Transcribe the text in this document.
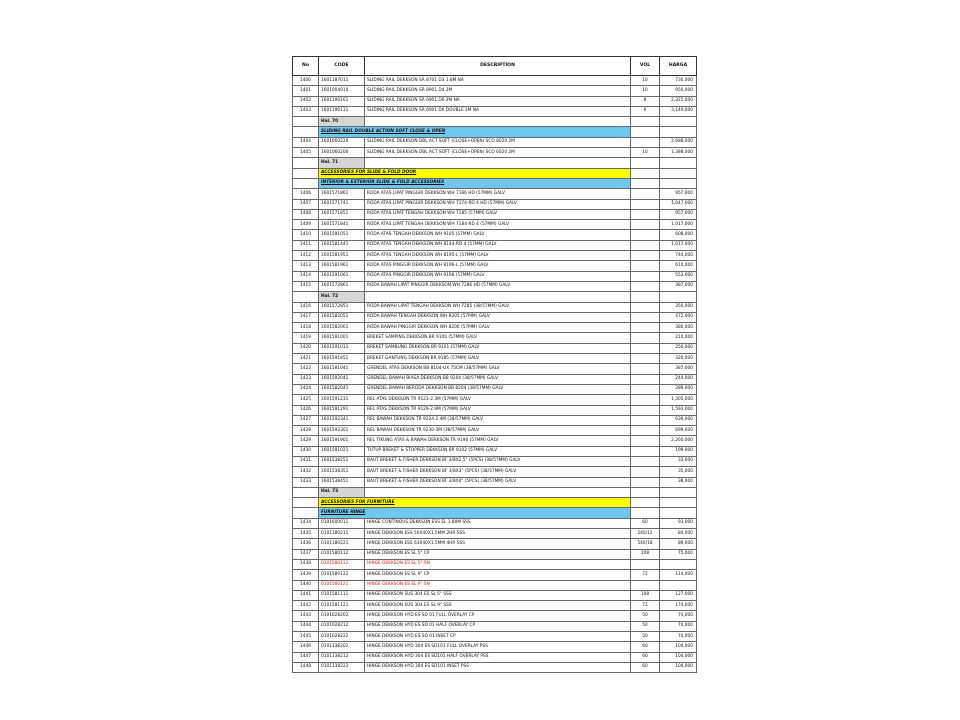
No	CODE	DESCRIPTION	VOL	HARGA
1400	1601187011	SLIDING RAIL DEKKSON SR 8701 D3 1.8M NA	10	730,000
1401	1601004010	SLIDING RAIL DEKKSON SR 8901 D4 2M	10	950,000
1402	1601190161	SLIDING RAIL DEKKSON SR 6901 D6 3M NA	8	2,325,000
1403	1601190131	SLIDING RAIL DEKKSON SR 6901 D6 DOUBLE 3M NA	6	3,149,000
	Hal. 70			
	SLIDING RAIL DOUBLE ACTION SOFT CLOSE & OPEN			
1404	1601060220	SLIDING RAIL DEKKSON DBL ACT SOFT (CLOSE+OPEN) SCO 8020 2M		2,688,000
1405	1601060200	SLIDING RAIL DEKKSON DBL ACT SOFT (CLOSE+OPEN) SCO 6020 2M	10	1,388,000
	Hal. 71			
	ACCESSORIES FOR SLIDE & FOLD DOOR			
	INTERIOR & EXTERIOR SLIDE & FOLD ACCESSORIES			
1406	1601571861	RODA ATAS LIPAT PINGGIR DEKKSON WH 7186 HD (57MM) GALV		957,000
1407	1601571741	RODA ATAS LIPAT PINGGIR DEKKSON WH 7174-RD 4 HD (57MM) GALV		1,047,000
1408	1601571851	RODA ATAS LIPAT TENGAH DEKKSON WH 7185 (57MM) GALV		957,000
1409	1601571841	RODA ATAS LIPAT TENGAH DEKKSON WH 7184-RD 4 (57MM) GALV		1,017,000
1410	1601591051	RODA ATAS TENGAH DEKKSON WH 9105 (57MM) GALV		608,000
1411	1601581441	RODA ATAS TENGAH DEKKSON WH 8144-RD 4 (57MM) GALV		1,017,000
1412	1601581951	RODA ATAS TENGAH DEKKSON WH 8195-L (57MM) GALV		744,000
1413	1601581961	RODA ATAS PINGGIR DEKKSON WH 8196-L (57MM) GALV		614,000
1414	1601591061	RODA ATAS PINGGIR DEKKSON WH 9106 (57MM) GALV		553,000
1415	1601572861	RODA BAWAH LIPAT PINGGIR DEKKSON WH 7286 HD (57MM) GALV		387,000
	Hal. 72			
1416	1601572851	RODA BAWAH LIPAT TENGAH DEKKSON WH 7285 (38/57MM) GALV		350,000
1417	1601582051	RODA BAWAH TENGAH DEKKSON WH 8205 (57MM) GALV		472,000
1418	1601582061	RODA BAWAH PINGGIR DEKKSON WH 8206 (57MM) GALV		380,000
1419	1601591001	BREKET SAMPING DEKKSON BR 9100 (57MM) GALV		214,000
1420	1601591011	BREKET SAMBUNG DEKKSON BR 9101 (57MM) GALV		250,000
1421	1601591851	BREKET GANTUNG DEKKSON BR 9185 (57MM) GALV		320,000
1422	1601581041	GRENDEL ATAS DEKKSON BB 8104-UX 75CM (38/57MM) GALV		387,000
1423	1601592041	GRENDEL BAWAH BIASA DEKKSON BB 9204 (38/57MM) GALV		244,000
1424	1601582041	GRENDEL BAWAH BERODA DEKKSON BB 8204 (38/57MM) GALV		289,000
1425	1601591231	REL ATAS DEKKSON TR 9123-2.3M (57MM) GALV		1,305,000
1426	1601591291	REL ATAS DEKKSON TR 9129-2.9M (57MM) GALV		1,593,000
1427	1601592341	REL BAWAH DEKKSON TR 9224-2.4M (38/57MM) GALV		639,000
1428	1601592301	REL BAWAH DEKKSON TR 9230-3M (38/57MM) GALV		699,000
1429	1601591901	REL TIKUNG ATAS & BAWAH DEKKSON TR 9190 (57MM) GALV		2,260,000
1430	1601591021	TUTUP BREKET & STOPPER DEKKSON BR 9102 (57MM) GALV		199,000
1431	1601538251	BAUT BREKET & FISHER DEKKSON BF 3/8X2.5" (5PCS) (38/57MM) GALV		33,000
1432	1601538351	BAUT BREKET & FISHER DEKKSON BF 3/8X3" (5PCS) (38/57MM) GALV		35,000
1433	1601538451	BAUT BREKET & FISHER DEKKSON BF 3/8X4" (5PCS) (38/57MM) GALV		38,000
	Hal. 73			
	ACCESSORIES FOR FURNITURE			
	FURNITURE HINGE			
1434	0101600011	HINGE CONTINOUS DEKKSON ESS EL 1.80M SSS	60	93,000
1435	0101180211	HINGE DEKKSON ESS 50X40X1.5MM 2HR SSS	240/12	84,000
1436	0101180221	HINGE DEKKSON ESS 63X40X1.5MM 4HR SSS	540/18	89,000
1437	0101580112	HINGE DEKKSON ES SL 5" CP	108	75,000
1438	0101580111	HINGE DEKKSON ES SL 5" SN		
1439	0101580122	HINGE DEKKSON ES SL 9" CP	72	114,000
1440	0101580121	HINGE DEKKSON ES SL 9" SN		
1441	0101581111	HINGE DEKKSON SUS 304 ES SL 5" SSS	108	127,000
1442	0101581121	HINGE DEKKSON SUS 304 ES SL 9" SSS	72	174,000
1443	0101028202	HINGE DEKKSON HYD ES SD 01 FULL OVERLAY CP	50	74,000
1444	0101028212	HINGE DEKKSON HYD ES SD 01 HALF OVERLAY CP	50	74,000
1445	0101028222	HINGE DEKKSON HYD ES SD 01 INSET CP	50	74,000
1446	0101138202	HINGE DEKKSON HYD 304 ES SD101 FULL OVERLAY PSS	60	104,000
1447	0101138212	HINGE DEKKSON HYD 304 ES SD101 HALF OVERLAY PSS	60	104,000
1448	0101138222	HINGE DEKKSON HYD 304 ES SD101 INSET PSS	60	104,000
